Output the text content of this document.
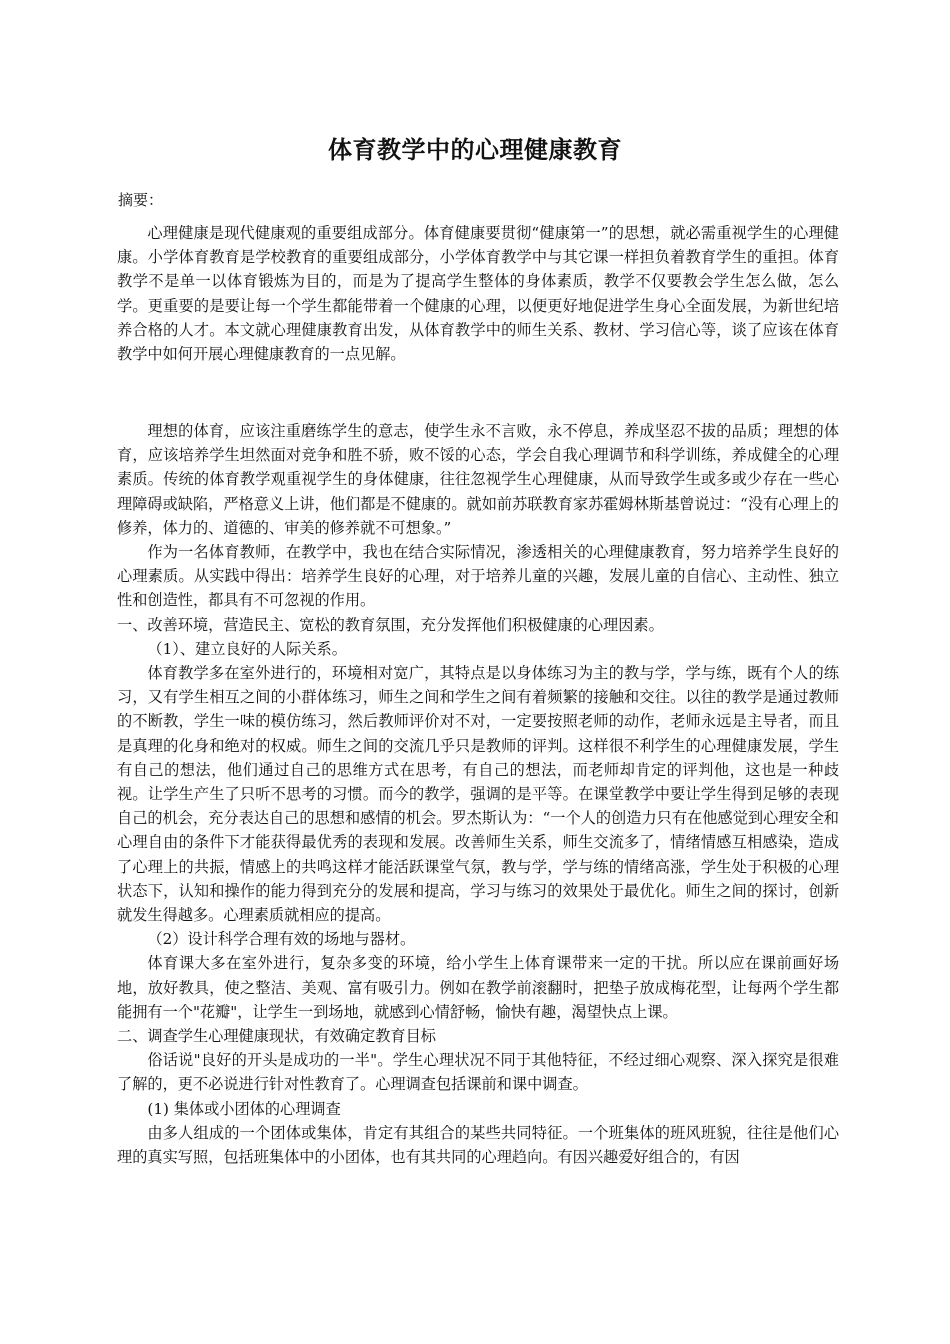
体育教学中的心理健康教育
摘要：

心理健康是现代健康观的重要组成部分。体育健康要贯彻“健康第一”的思想，就必需重视学生的心理健康。小学体育教育是学校教育的重要组成部分，小学体育教学中与其它课一样担负着教育学生的重担。体育教学不是单一以体育锻炼为目的，而是为了提高学生整体的身体素质，教学不仅要教会学生怎么做，怎么学。更重要的是要让每一个学生都能带着一个健康的心理，以便更好地促进学生身心全面发展，为新世纪培养合格的人才。本文就心理健康教育出发，从体育教学中的师生关系、教材、学习信心等，谈了应该在体育教学中如何开展心理健康教育的一点见解。

理想的体育，应该注重磨练学生的意志，使学生永不言败，永不停息，养成坚忍不拔的品质；理想的体育，应该培养学生坦然面对竞争和胜不骄，败不馁的心态，学会自我心理调节和科学训练，养成健全的心理素质。传统的体育教学观重视学生的身体健康，往往忽视学生心理健康，从而导致学生或多或少存在一些心理障碍或缺陷，严格意义上讲，他们都是不健康的。就如前苏联教育家苏霍姆林斯基曾说过：“没有心理上的修养，体力的、道德的、审美的修养就不可想象。”

作为一名体育教师，在教学中，我也在结合实际情况，渗透相关的心理健康教育，努力培养学生良好的心理素质。从实践中得出：培养学生良好的心理，对于培养儿童的兴趣，发展儿童的自信心、主动性、独立性和创造性，都具有不可忽视的作用。

一、改善环境，营造民主、宽松的教育氛围，充分发挥他们积极健康的心理因素。

（1）、建立良好的人际关系。

体育教学多在室外进行的，环境相对宽广，其特点是以身体练习为主的教与学，学与练，既有个人的练习，又有学生相互之间的小群体练习，师生之间和学生之间有着频繁的接触和交往。以往的教学是通过教师的不断教，学生一味的模仿练习，然后教师评价对不对，一定要按照老师的动作，老师永远是主导者，而且是真理的化身和绝对的权威。师生之间的交流几乎只是教师的评判。这样很不利学生的心理健康发展，学生有自己的想法，他们通过自己的思维方式在思考，有自己的想法，而老师却肯定的评判他，这也是一种歧视。让学生产生了只听不思考的习惯。而今的教学，强调的是平等。在课堂教学中要让学生得到足够的表现自己的机会，充分表达自己的思想和感情的机会。罗杰斯认为：“一个人的创造力只有在他感觉到心理安全和心理自由的条件下才能获得最优秀的表现和发展。改善师生关系，师生交流多了，情绪情感互相感染，造成了心理上的共振，情感上的共鸣这样才能活跃课堂气氛，教与学，学与练的情绪高涨，学生处于积极的心理状态下，认知和操作的能力得到充分的发展和提高，学习与练习的效果处于最优化。师生之间的探讨，创新就发生得越多。心理素质就相应的提高。

（2）设计科学合理有效的场地与器材。

体育课大多在室外进行，复杂多变的环境，给小学生上体育课带来一定的干扰。所以应在课前画好场地，放好教具，使之整洁、美观、富有吸引力。例如在教学前滚翻时，把垫子放成梅花型，让每两个学生都能拥有一个"花瓣"，让学生一到场地，就感到心情舒畅，愉快有趣，渴望快点上课。

二、调查学生心理健康现状，有效确定教育目标

俗话说"良好的开头是成功的一半"。学生心理状况不同于其他特征，不经过细心观察、深入探究是很难了解的，更不必说进行针对性教育了。心理调查包括课前和课中调查。

(1) 集体或小团体的心理调查

由多人组成的一个团体或集体，肯定有其组合的某些共同特征。一个班集体的班风班貌，往往是他们心理的真实写照，包括班集体中的小团体，也有其共同的心理趋向。有因兴趣爱好组合的，有因
